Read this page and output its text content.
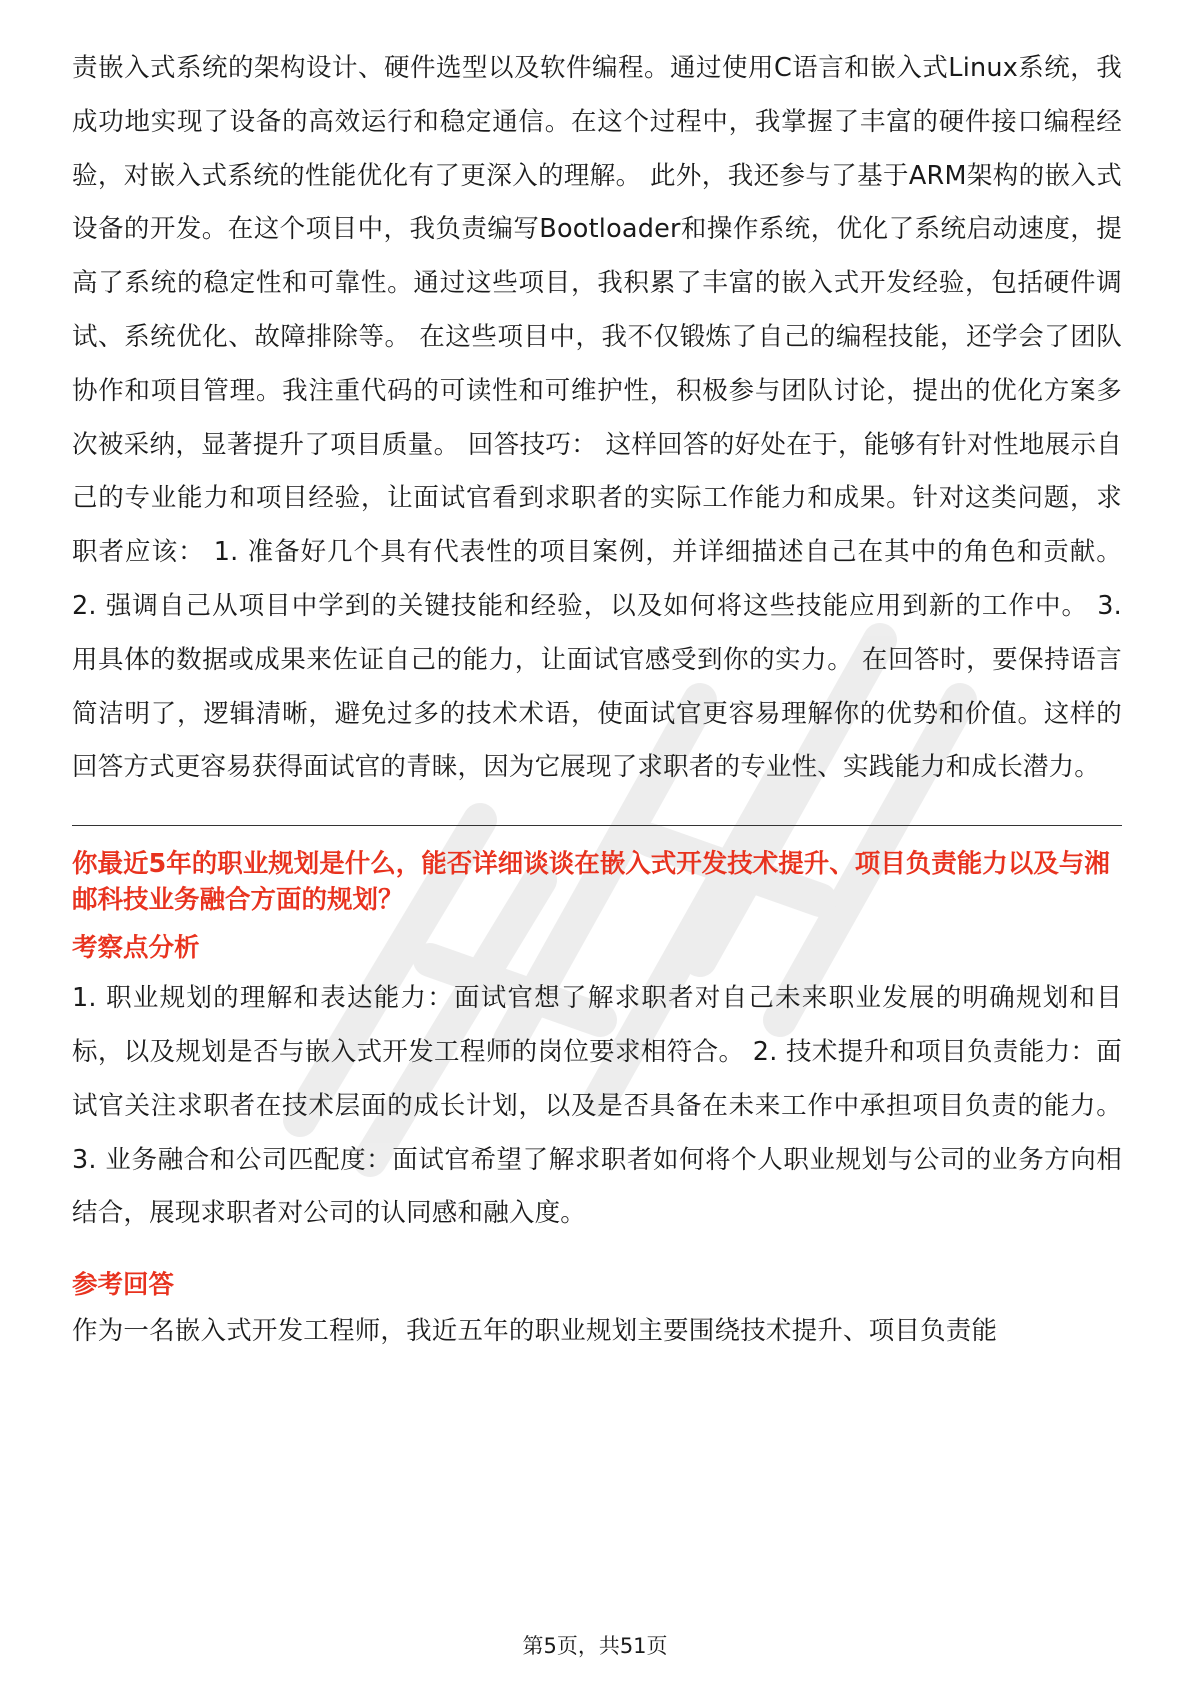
责嵌入式系统的架构设计、硬件选型以及软件编程。通过使用C语言和嵌入式Linux系统，我成功地实现了设备的高效运行和稳定通信。在这个过程中，我掌握了丰富的硬件接口编程经验，对嵌入式系统的性能优化有了更深入的理解。 此外，我还参与了基于ARM架构的嵌入式设备的开发。在这个项目中，我负责编写Bootloader和操作系统，优化了系统启动速度，提高了系统的稳定性和可靠性。通过这些项目，我积累了丰富的嵌入式开发经验，包括硬件调试、系统优化、故障排除等。 在这些项目中，我不仅锻炼了自己的编程技能，还学会了团队协作和项目管理。我注重代码的可读性和可维护性，积极参与团队讨论，提出的优化方案多次被采纳，显著提升了项目质量。 回答技巧： 这样回答的好处在于，能够有针对性地展示自己的专业能力和项目经验，让面试官看到求职者的实际工作能力和成果。针对这类问题，求职者应该： 1. 准备好几个具有代表性的项目案例，并详细描述自己在其中的角色和贡献。 2. 强调自己从项目中学到的关键技能和经验，以及如何将这些技能应用到新的工作中。 3. 用具体的数据或成果来佐证自己的能力，让面试官感受到你的实力。 在回答时，要保持语言简洁明了，逻辑清晰，避免过多的技术术语，使面试官更容易理解你的优势和价值。这样的回答方式更容易获得面试官的青睐，因为它展现了求职者的专业性、实践能力和成长潜力。

你最近5年的职业规划是什么，能否详细谈谈在嵌入式开发技术提升、项目负责能力以及与湘邮科技业务融合方面的规划？
考察点分析

1. 职业规划的理解和表达能力：面试官想了解求职者对自己未来职业发展的明确规划和目标，以及规划是否与嵌入式开发工程师的岗位要求相符合。 2. 技术提升和项目负责能力：面试官关注求职者在技术层面的成长计划，以及是否具备在未来工作中承担项目负责的能力。 3. 业务融合和公司匹配度：面试官希望了解求职者如何将个人职业规划与公司的业务方向相结合，展现求职者对公司的认同感和融入度。

参考回答

作为一名嵌入式开发工程师，我近五年的职业规划主要围绕技术提升、项目负责能

第5页，共51页
